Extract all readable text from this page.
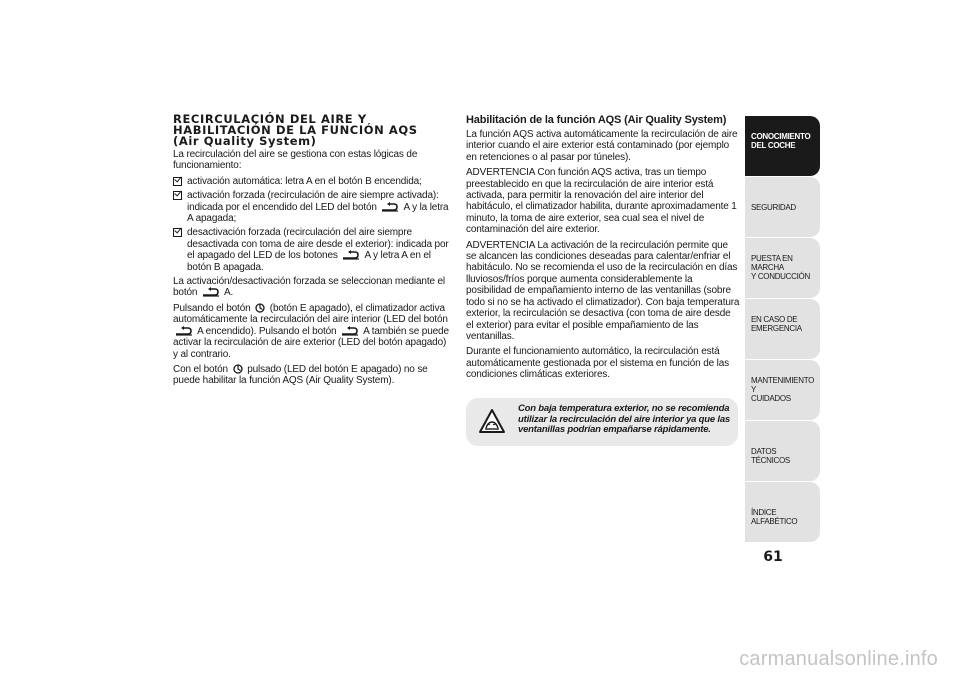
RECIRCULACIÓN DEL AIRE Y
HABILITACIÓN DE LA FUNCIÓN AQS
(Air Quality System)

La recirculación del aire se gestiona con estas lógicas de funcionamiento:

activación automática: letra A en el botón B encendida;
activación forzada (recirculación de aire siempre activada): indicada por el encendido del LED del botón	A y la letra A apagada;
desactivación forzada (recirculación del aire siempre desactivada con toma de aire desde el exterior): indicada por el apagado del LED de los botones	A y letra A en el botón B apagada.

La activación/desactivación forzada se seleccionan mediante el botón	A.

Pulsando el botón (botón E apagado), el climatizador activa automáticamente la recirculación del aire interior (LED del botón  A encendido). Pulsando el botón	A también se puede activar la recirculación de aire exterior (LED del botón apagado) y al contrario.

Con el botón pulsado (LED del botón E apagado) no se puede habilitar la función AQS (Air Quality System).

Habilitación de la función AQS (Air Quality System)

La función AQS activa automáticamente la recirculación de aire interior cuando el aire exterior está contaminado (por ejemplo en retenciones o al pasar por túneles).

ADVERTENCIA Con función AQS activa, tras un tiempo preestablecido en que la recirculación de aire interior está activada, para permitir la renovación del aire interior del habitáculo, el climatizador habilita, durante aproximadamente 1 minuto, la toma de aire exterior, sea cual sea el nivel de contaminación del aire exterior.

ADVERTENCIA La activación de la recirculación permite que se alcancen las condiciones deseadas para calentar/enfriar el habitáculo. No se recomienda el uso de la recirculación en días lluviosos/fríos porque aumenta considerablemente la posibilidad de empañamiento interno de las ventanillas (sobre todo si no se ha activado el climatizador). Con baja temperatura exterior, la recirculación se desactiva (con toma de aire desde el exterior) para evitar el posible empañamiento de las ventanillas.

Durante el funcionamiento automático, la recirculación está automáticamente gestionada por el sistema en función de las condiciones climáticas exteriores.

Con baja temperatura exterior, no se recomienda utilizar la recirculación del aire interior ya que las ventanillas podrían empañarse rápidamente.
CONOCIMIENTO
DEL COCHE
SEGURIDAD
PUESTA EN MARCHA
Y CONDUCCIÓN
EN CASO DE
EMERGENCIA
MANTENIMIENTO Y
CUIDADOS
DATOS TÉCNICOS
ÍNDICE ALFABÉTICO
61
carmanualsonline.info
